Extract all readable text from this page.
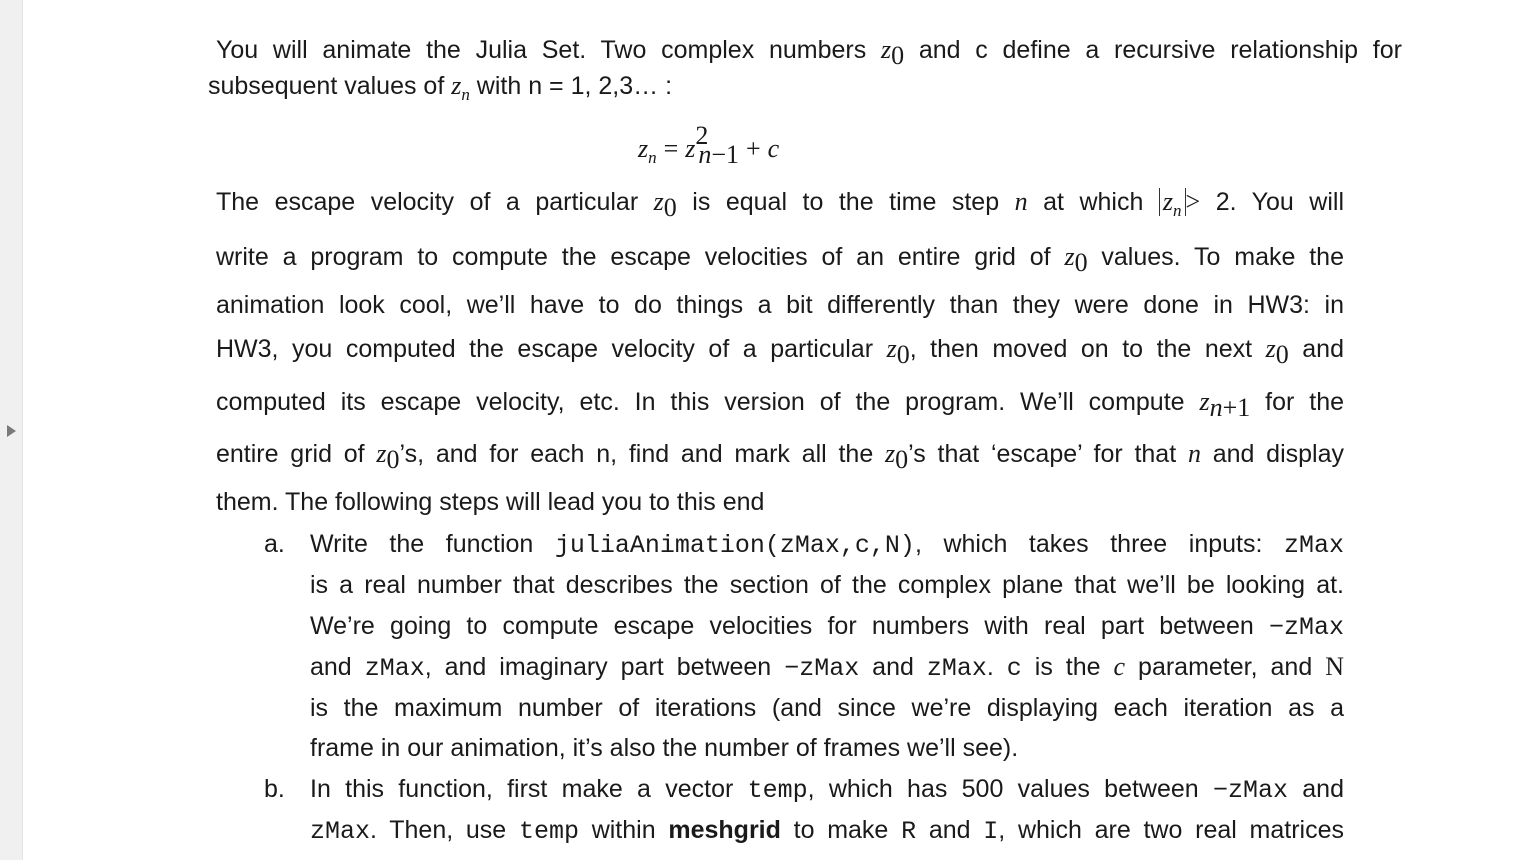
You will animate the Julia Set. Two complex numbers $z_0$ and c define a recursive relationship for
subsequent values of $z_n$ with n = 1, 2,3… :
$z_n = z^2_{n-1} + c$
The escape velocity of a particular $z_0$ is equal to the time step n at which $z_n > 2$. You will
write a program to compute the escape velocities of an entire grid of $z_0$ values. To make the
animation look cool, we’ll have to do things a bit differently than they were done in HW3: in
HW3, you computed the escape velocity of a particular $z_0$, then moved on to the next $z_0$ and
computed its escape velocity, etc. In this version of the program. We’ll compute $z_{n+1}$ for the
entire grid of $z_0’s$, and for each n, find and mark all the $z_0’s$ that ‘escape’ for that n and display
them. The following steps will lead you to this end
a. Write the function juliaAnimation(zMax,c,N), which takes three inputs: zMax
is a real number that describes the section of the complex plane that we’ll be looking at.
We’re going to compute escape velocities for numbers with real part between −zMax
and zMax, and imaginary part between −zMax and zMax. c is the c parameter, and N
is the maximum number of iterations (and since we’re displaying each iteration as a
frame in our animation, it’s also the number of frames we’ll see).
b. In this function, first make a vector temp, which has 500 values between −zMax and
zMax. Then, use temp within meshgrid to make R and I, which are two real matrices
